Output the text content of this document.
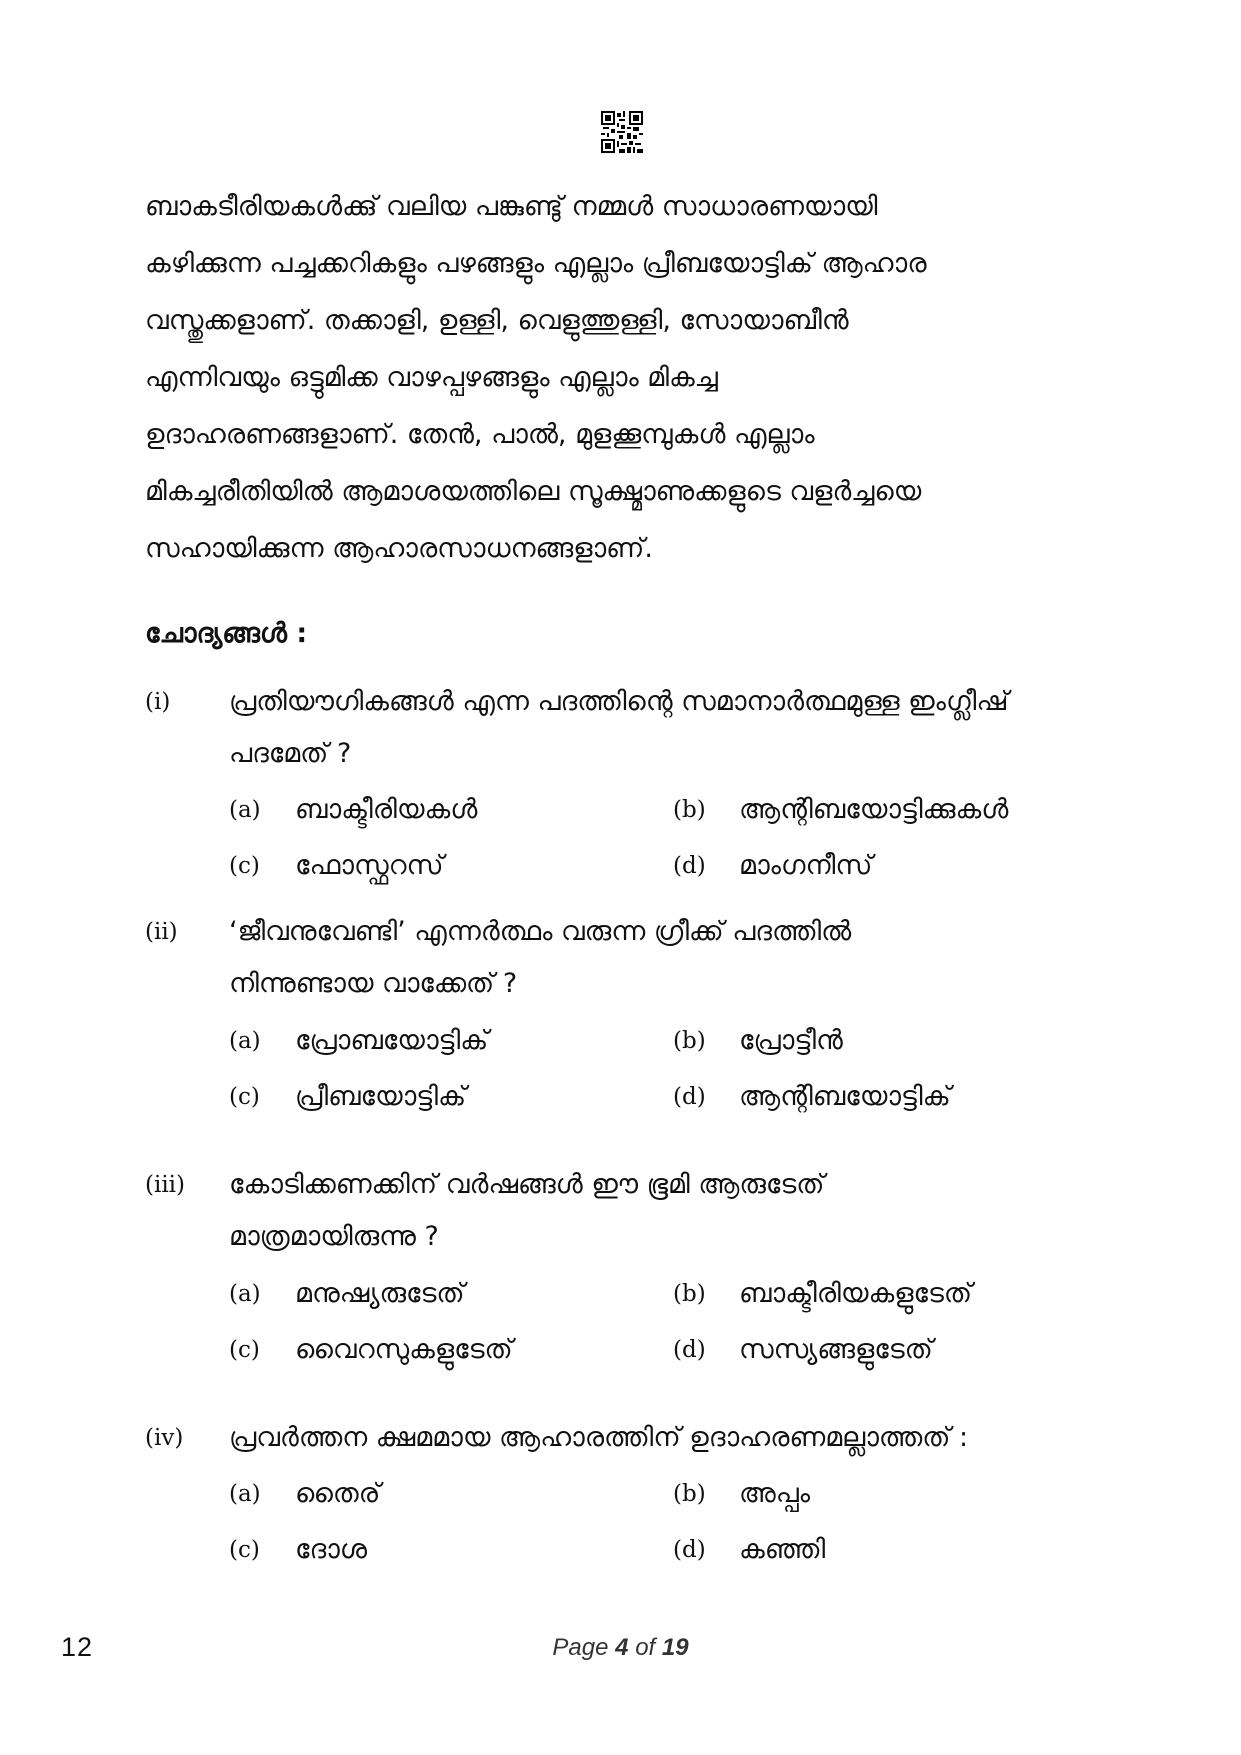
ബാകടീരിയകൾക്കു് വലിയ പങ്കുണ്ടു് നമ്മൾ സാധാരണയായി
കഴിക്കുന്ന പച്ചക്കറികളും പഴങ്ങളും എല്ലാം പ്രീബയോട്ടിക് ആഹാര
വസ്തുക്കളാണ്. തക്കാളി, ഉള്ളി, വെളുത്തുള്ളി, സോയാബീൻ
എന്നിവയും ഒട്ടുമിക്ക വാഴപ്പഴങ്ങളും എല്ലാം മികച്ച
ഉദാഹരണങ്ങളാണ്. തേൻ, പാൽ, മുളക്കൂമ്പുകൾ എല്ലാം
മികച്ചരീതിയിൽ ആമാശയത്തിലെ സൂക്ഷ്മാണുക്കളുടെ വളർച്ചയെ
സഹായിക്കുന്ന ആഹാരസാധനങ്ങളാണ്.
ചോദ്യങ്ങൾ :
(i) പ്രതിയൗഗികങ്ങൾ എന്ന പദത്തിന്റെ സമാനാർത്ഥമുള്ള ഇംഗ്ലീഷ്
പദമേത് ?
(a) ബാക്ടീരിയകൾ	(b) ആന്റിബയോട്ടിക്കുകൾ
(c) ഫോസ്ഫറസ്	(d) മാംഗനീസ്
(ii) ‘ജീവനുവേണ്ടി’ എന്നർത്ഥം വരുന്ന ഗ്രീക്ക് പദത്തിൽ
നിന്നുണ്ടായ വാക്കേത് ?
(a) പ്രോബയോട്ടിക്	(b) പ്രോട്ടീൻ
(c) പ്രീബയോട്ടിക്	(d) ആന്റിബയോട്ടിക്
(iii) കോടിക്കണക്കിന് വർഷങ്ങൾ ഈ ഭൂമി ആരുടേത്
മാത്രമായിരുന്നു ?
(a) മനുഷ്യരുടേത്	(b) ബാക്ടീരിയകളുടേത്
(c) വൈറസുകളുടേത്	(d) സസ്യങ്ങളുടേത്
(iv) പ്രവർത്തന ക്ഷമമായ ആഹാരത്തിന് ഉദാഹരണമല്ലാത്തത് :
(a) തൈര്	(b) അപ്പം
(c) ദോശ	(d) കഞ്ഞി
12	Page 4 of 19
